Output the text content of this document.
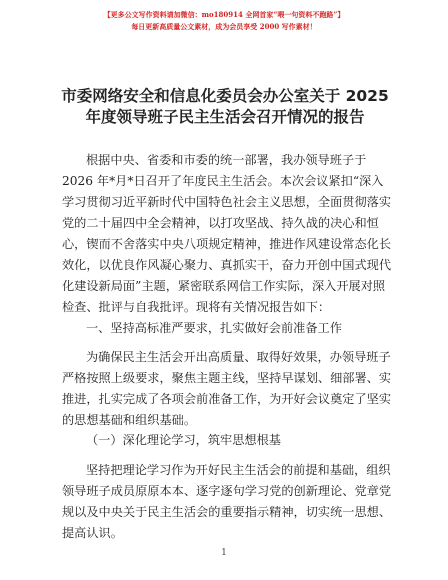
【更多公文写作资料请加微信：mo180914 全网首家“喂一句资料不跑路”】
每日更新高质量公文素材，成为会员享受 2000 写作素材！
市委网络安全和信息化委员会办公室关于 2025
年度领导班子民主生活会召开情况的报告
根据中央、省委和市委的统一部署，我办领导班子于
2026 年*月*日召开了年度民主生活会。本次会议紧扣“深入
学习贯彻习近平新时代中国特色社会主义思想，全面贯彻落实
党的二十届四中全会精神，以打攻坚战、持久战的决心和恒
心，锲而不舍落实中央八项规定精神，推进作风建设常态化长
效化，以优良作风凝心聚力、真抓实干，奋力开创中国式现代
化建设新局面”主题，紧密联系网信工作实际，深入开展对照
检查、批评与自我批评。现将有关情况报告如下：
一、坚持高标准严要求，扎实做好会前准备工作
为确保民主生活会开出高质量、取得好效果，办领导班子
严格按照上级要求，聚焦主题主线，坚持早谋划、细部署、实
推进，扎实完成了各项会前准备工作，为开好会议奠定了坚实
的思想基础和组织基础。
（一）深化理论学习，筑牢思想根基
坚持把理论学习作为开好民主生活会的前提和基础，组织
领导班子成员原原本本、逐字逐句学习党的创新理论、党章党
规以及中央关于民主生活会的重要指示精神，切实统一思想、
提高认识。
1
